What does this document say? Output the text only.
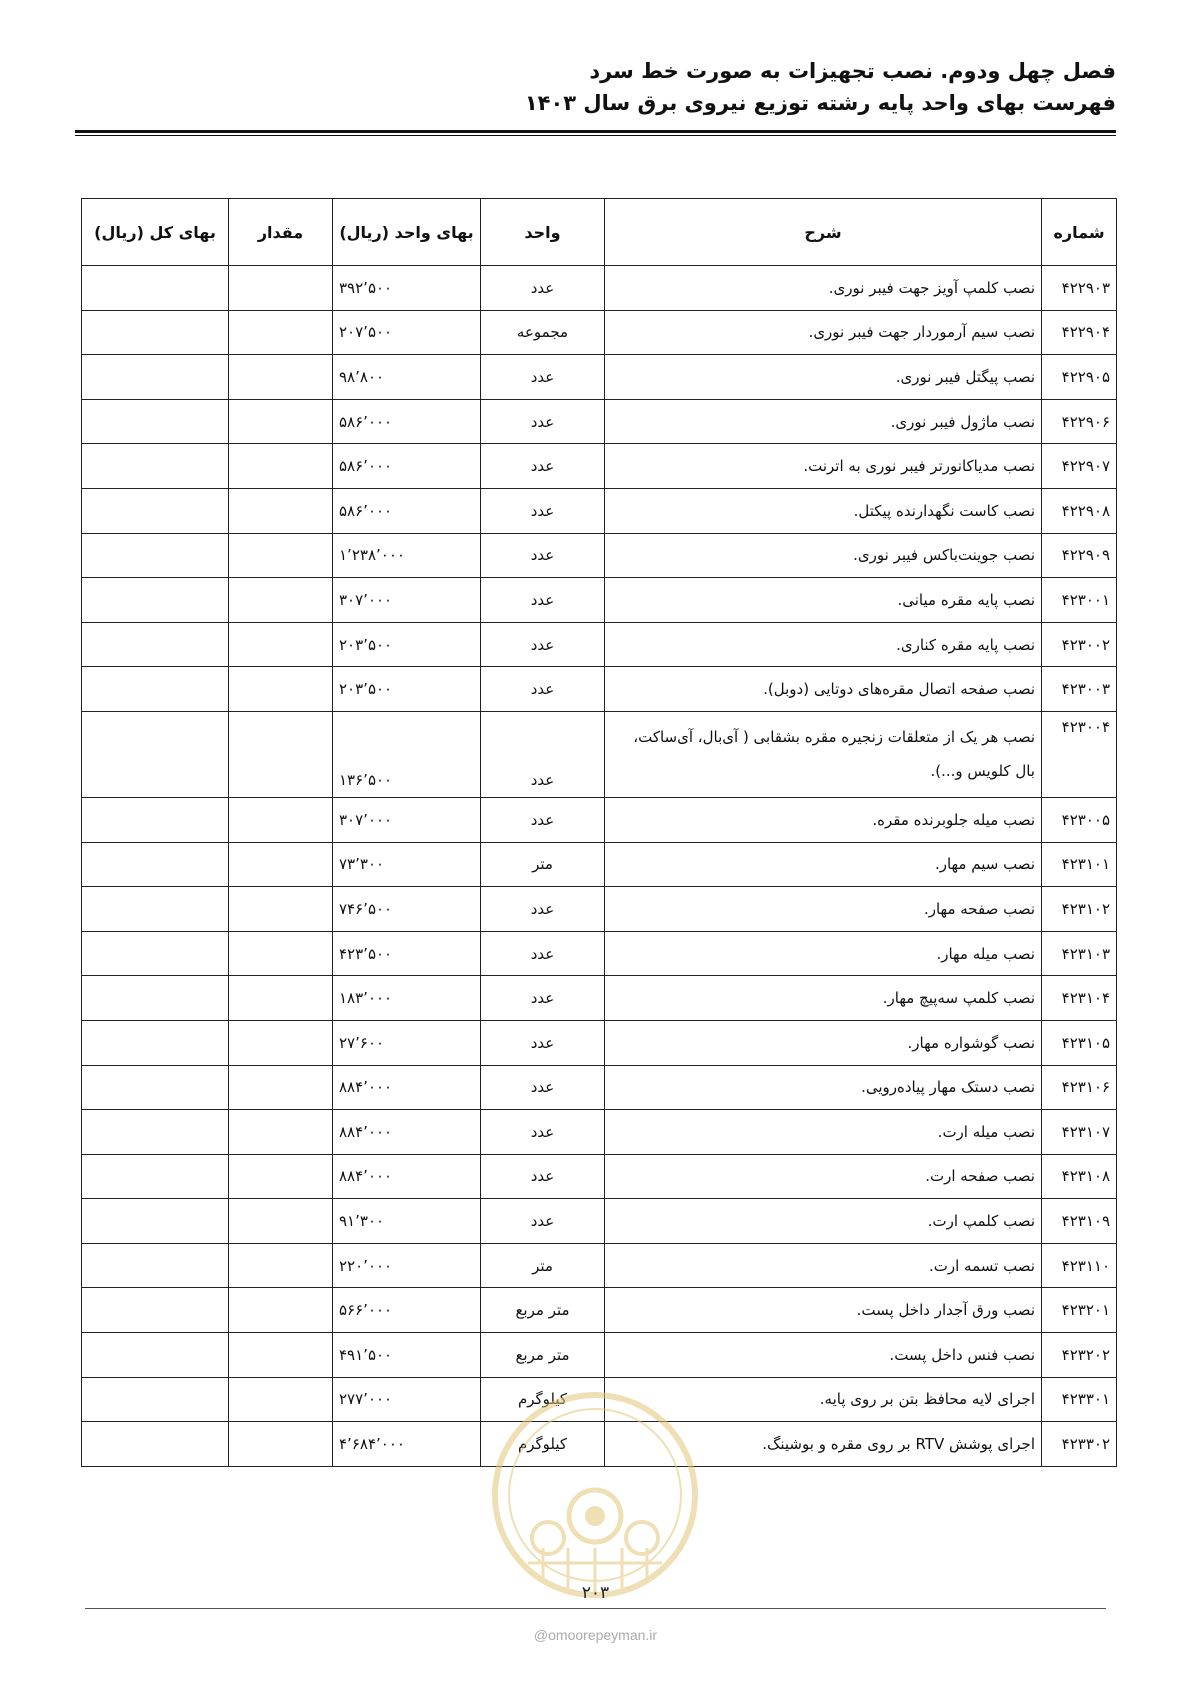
فصل چهل ودوم. نصب تجهیزات به صورت خط سرد
فهرست بهای واحد پایه رشته توزیع نیروی برق سال ۱۴۰۳
شماره	شرح	واحد	بهای واحد (ریال)	مقدار	بهای کل (ریال)
۴۲۲۹۰۳	نصب کلمپ آویز جهت فیبر نوری.	عدد	۳۹۲٬۵۰۰		
۴۲۲۹۰۴	نصب سیم آرموردار جهت فیبر نوری.	مجموعه	۲۰۷٬۵۰۰		
۴۲۲۹۰۵	نصب پیگتل فیبر نوری.	عدد	۹۸٬۸۰۰		
۴۲۲۹۰۶	نصب ماژول فیبر نوری.	عدد	۵۸۶٬۰۰۰		
۴۲۲۹۰۷	نصب مدیاکانورتر فیبر نوری به اترنت.	عدد	۵۸۶٬۰۰۰		
۴۲۲۹۰۸	نصب کاست نگهدارنده پیکتل.	عدد	۵۸۶٬۰۰۰		
۴۲۲۹۰۹	نصب جوینت‌باکس فیبر نوری.	عدد	۱٬۲۳۸٬۰۰۰		
۴۲۳۰۰۱	نصب پایه مقره میانی.	عدد	۳۰۷٬۰۰۰		
۴۲۳۰۰۲	نصب پایه مقره کناری.	عدد	۲۰۳٬۵۰۰		
۴۲۳۰۰۳	نصب صفحه اتصال مقره‌های دوتایی (دوبل).	عدد	۲۰۳٬۵۰۰		
۴۲۳۰۰۴	نصب هر یک از متعلقات زنجیره مقره بشقابی ( آی‌بال، آی‌ساکت، بال کلویس و...).	عدد	۱۳۶٬۵۰۰		
۴۲۳۰۰۵	نصب میله جلوبرنده مقره.	عدد	۳۰۷٬۰۰۰		
۴۲۳۱۰۱	نصب سیم مهار.	متر	۷۳٬۳۰۰		
۴۲۳۱۰۲	نصب صفحه مهار.	عدد	۷۴۶٬۵۰۰		
۴۲۳۱۰۳	نصب میله مهار.	عدد	۴۲۳٬۵۰۰		
۴۲۳۱۰۴	نصب کلمپ سه‌پیچ مهار.	عدد	۱۸۳٬۰۰۰		
۴۲۳۱۰۵	نصب گوشواره مهار.	عدد	۲۷٬۶۰۰		
۴۲۳۱۰۶	نصب دستک مهار پیاده‌رویی.	عدد	۸۸۴٬۰۰۰		
۴۲۳۱۰۷	نصب میله ارت.	عدد	۸۸۴٬۰۰۰		
۴۲۳۱۰۸	نصب صفحه ارت.	عدد	۸۸۴٬۰۰۰		
۴۲۳۱۰۹	نصب کلمپ ارت.	عدد	۹۱٬۳۰۰		
۴۲۳۱۱۰	نصب تسمه ارت.	متر	۲۲۰٬۰۰۰		
۴۲۳۲۰۱	نصب ورق آجدار داخل پست.	متر مربع	۵۶۶٬۰۰۰		
۴۲۳۲۰۲	نصب فنس داخل پست.	متر مربع	۴۹۱٬۵۰۰		
۴۲۳۳۰۱	اجرای لایه محافظ بتن بر روی پایه.	کیلوگرم	۲۷۷٬۰۰۰		
۴۲۳۳۰۲	اجرای پوشش RTV بر روی مقره و بوشینگ.	کیلوگرم	۴٬۶۸۴٬۰۰۰		
۲۰۳
@omoorepeyman.ir
